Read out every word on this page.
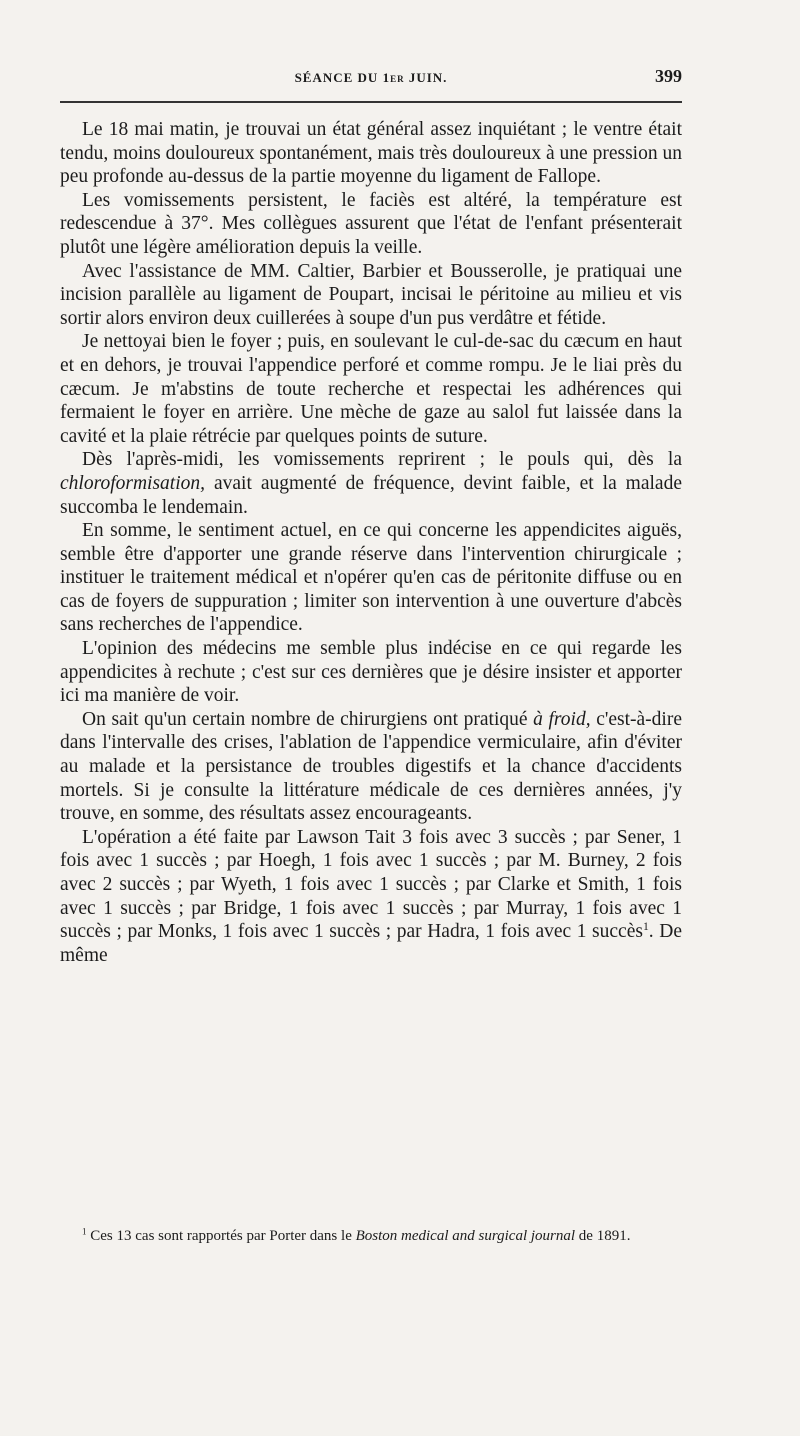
SÉANCE DU 1er JUIN.	399

Le 18 mai matin, je trouvai un état général assez inquiétant ; le ventre était tendu, moins douloureux spontanément, mais très douloureux à une pression un peu profonde au-dessus de la partie moyenne du ligament de Fallope.

Les vomissements persistent, le faciès est altéré, la température est redescendue à 37°. Mes collègues assurent que l'état de l'enfant présenterait plutôt une légère amélioration depuis la veille.

Avec l'assistance de MM. Caltier, Barbier et Bousserolle, je pratiquai une incision parallèle au ligament de Poupart, incisai le péritoine au milieu et vis sortir alors environ deux cuillerées à soupe d'un pus verdâtre et fétide.

Je nettoyai bien le foyer ; puis, en soulevant le cul-de-sac du cæcum en haut et en dehors, je trouvai l'appendice perforé et comme rompu. Je le liai près du cæcum. Je m'abstins de toute recherche et respectai les adhérences qui fermaient le foyer en arrière. Une mèche de gaze au salol fut laissée dans la cavité et la plaie rétrécie par quelques points de suture.

Dès l'après-midi, les vomissements reprirent ; le pouls qui, dès la chloroformisation, avait augmenté de fréquence, devint faible, et la malade succomba le lendemain.

En somme, le sentiment actuel, en ce qui concerne les appendicites aiguës, semble être d'apporter une grande réserve dans l'intervention chirurgicale ; instituer le traitement médical et n'opérer qu'en cas de péritonite diffuse ou en cas de foyers de suppuration ; limiter son intervention à une ouverture d'abcès sans recherches de l'appendice.

L'opinion des médecins me semble plus indécise en ce qui regarde les appendicites à rechute ; c'est sur ces dernières que je désire insister et apporter ici ma manière de voir.

On sait qu'un certain nombre de chirurgiens ont pratiqué à froid, c'est-à-dire dans l'intervalle des crises, l'ablation de l'appendice vermiculaire, afin d'éviter au malade et la persistance de troubles digestifs et la chance d'accidents mortels. Si je consulte la littérature médicale de ces dernières années, j'y trouve, en somme, des résultats assez encourageants.

L'opération a été faite par Lawson Tait 3 fois avec 3 succès ; par Sener, 1 fois avec 1 succès ; par Hoegh, 1 fois avec 1 succès ; par M. Burney, 2 fois avec 2 succès ; par Wyeth, 1 fois avec 1 succès ; par Clarke et Smith, 1 fois avec 1 succès ; par Bridge, 1 fois avec 1 succès ; par Murray, 1 fois avec 1 succès ; par Monks, 1 fois avec 1 succès ; par Hadra, 1 fois avec 1 succès$^1$. De même

$^1$ Ces 13 cas sont rapportés par Porter dans le Boston medical and surgical journal de 1891.
